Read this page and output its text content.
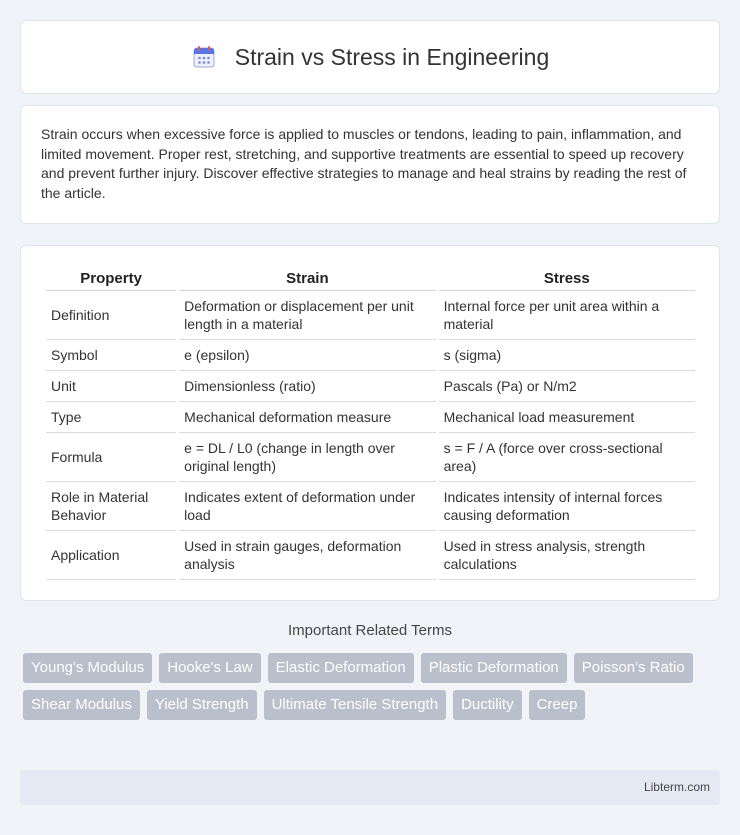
Strain vs Stress in Engineering

Strain occurs when excessive force is applied to muscles or tendons, leading to pain, inflammation, and limited movement. Proper rest, stretching, and supportive treatments are essential to speed up recovery and prevent further injury. Discover effective strategies to manage and heal strains by reading the rest of the article.

Property	Strain	Stress
Definition	Deformation or displacement per unit length in a material	Internal force per unit area within a material
Symbol	e (epsilon)	s (sigma)
Unit	Dimensionless (ratio)	Pascals (Pa) or N/m2
Type	Mechanical deformation measure	Mechanical load measurement
Formula	e = DL / L0 (change in length over original length)	s = F / A (force over cross-sectional area)
Role in Material Behavior	Indicates extent of deformation under load	Indicates intensity of internal forces causing deformation
Application	Used in strain gauges, deformation analysis	Used in stress analysis, strength calculations
Important Related Terms
Young's Modulus	Hooke's Law	Elastic Deformation	Plastic Deformation	Poisson's Ratio
Shear Modulus	Yield Strength	Ultimate Tensile Strength	Ductility	Creep
Libterm.com
